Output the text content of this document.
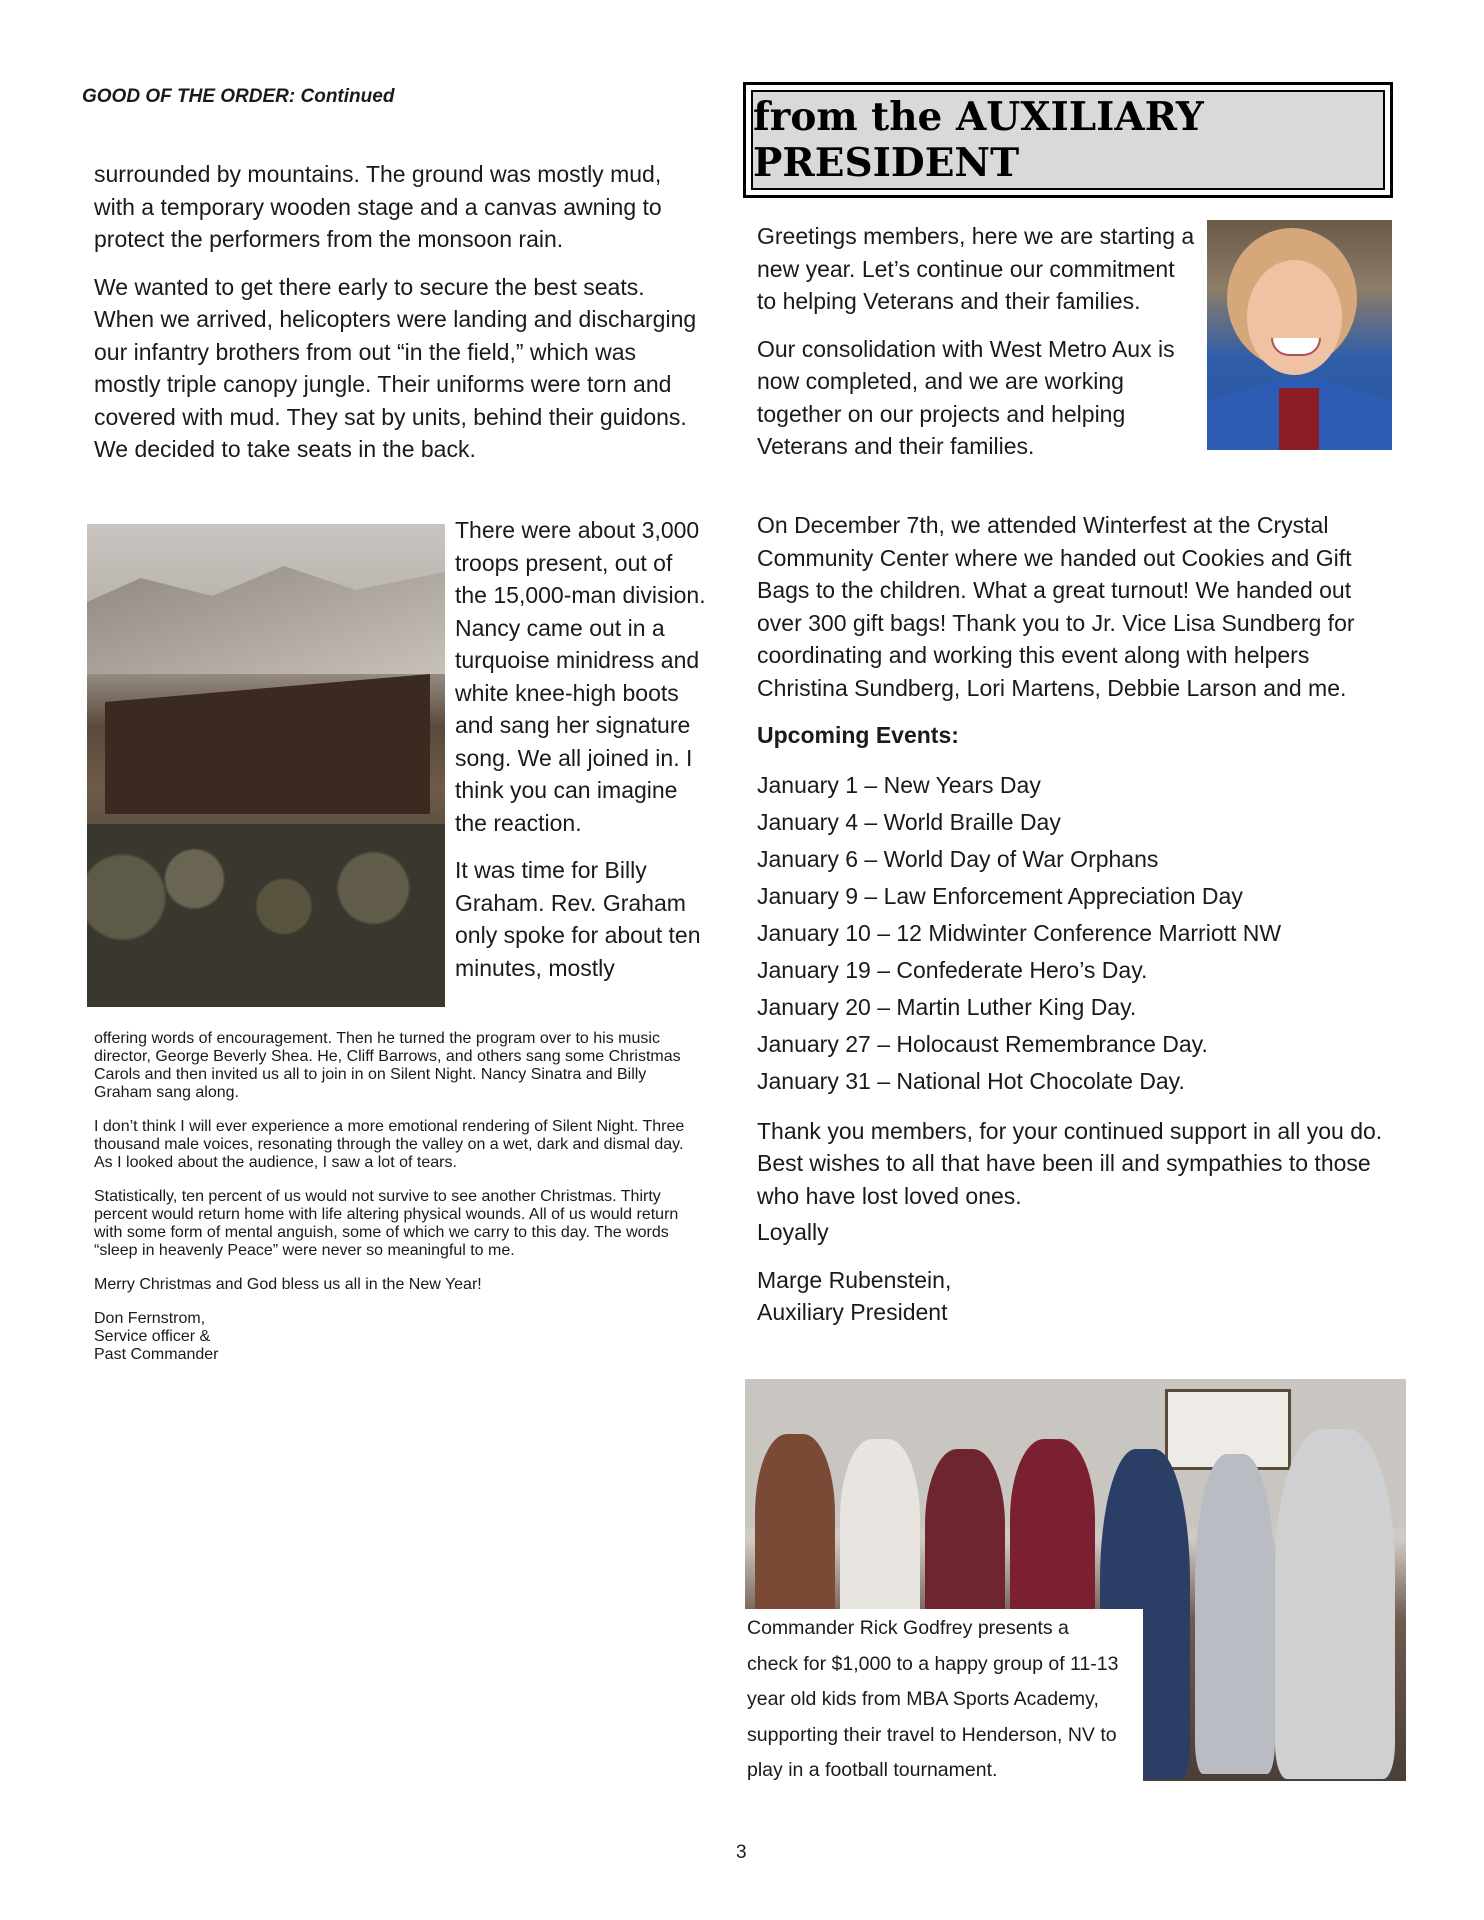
GOOD OF THE ORDER: Continued

surrounded by mountains. The ground was mostly mud, with a temporary wooden stage and a canvas awning to protect the performers from the monsoon rain.

We wanted to get there early to secure the best seats. When we arrived, helicopters were landing and discharging our infantry brothers from out “in the field,” which was mostly triple canopy jungle. Their uniforms were torn and covered with mud. They sat by units, behind their guidons. We decided to take seats in the back.

There were about 3,000 troops present, out of the 15,000-man division. Nancy came out in a turquoise minidress and white knee-high boots and sang her signature song. We all joined in. I think you can imagine the reaction.

It was time for Billy Graham. Rev. Graham only spoke for about ten minutes, mostly

offering words of encouragement. Then he turned the program over to his music director, George Beverly Shea. He, Cliff Barrows, and others sang some Christmas Carols and then invited us all to join in on Silent Night. Nancy Sinatra and Billy Graham sang along.

I don’t think I will ever experience a more emotional rendering of Silent Night. Three thousand male voices, resonating through the valley on a wet, dark and dismal day. As I looked about the audience, I saw a lot of tears.

Statistically, ten percent of us would not survive to see another Christmas. Thirty percent would return home with life altering physical wounds. All of us would return with some form of mental anguish, some of which we carry to this day. The words “sleep in heavenly Peace” were never so meaningful to me.

Merry Christmas and God bless us all in the New Year!

Don Fernstrom,
Service officer &
Past Commander

from the AUXILIARY PRESIDENT

Greetings members, here we are starting a new year. Let’s continue our commitment to helping Veterans and their families.

Our consolidation with West Metro Aux is now completed, and we are working together on our projects and helping Veterans and their families.

On December 7th, we attended Winterfest at the Crystal Community Center where we handed out Cookies and Gift Bags to the children. What a great turnout! We handed out over 300 gift bags! Thank you to Jr. Vice Lisa Sundberg for coordinating and working this event along with helpers Christina Sundberg, Lori Martens, Debbie Larson and me.

Upcoming Events:

January 1 – New Years Day
January 4 – World Braille Day
January 6 – World Day of War Orphans
January 9 – Law Enforcement Appreciation Day
January 10 – 12 Midwinter Conference Marriott NW
January 19 – Confederate Hero’s Day.
January 20 – Martin Luther King Day.
January 27 – Holocaust Remembrance Day.
January 31 – National Hot Chocolate Day.

Thank you members, for your continued support in all you do. Best wishes to all that have been ill and sympathies to those who have lost loved ones.

Loyally

Marge Rubenstein,
Auxiliary President

Commander Rick Godfrey presents a check for $1,000 to a happy group of 11-13 year old kids from MBA Sports Academy, supporting their travel to Henderson, NV to play in a football tournament.
3
